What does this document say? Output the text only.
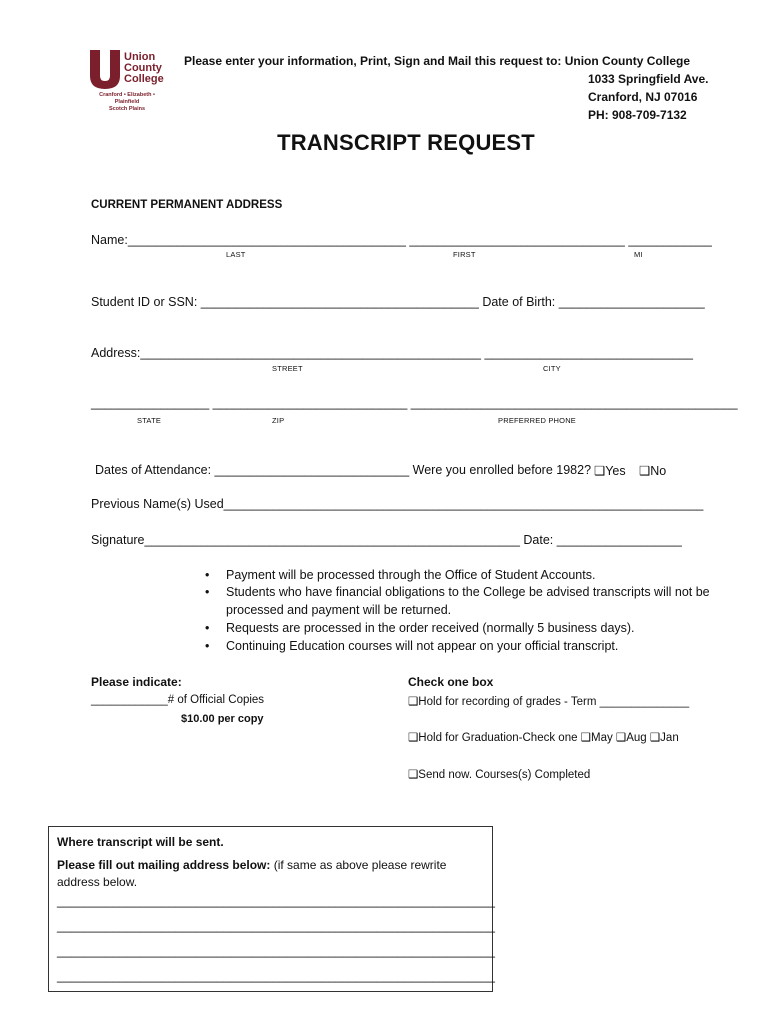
Union
County
College
Cranford • Elizabeth • Plainfield
Scotch Plains
Please enter your information, Print, Sign and Mail this request to: Union County College
1033 Springfield Ave.
Cranford, NJ 07016
PH: 908-709-7132
TRANSCRIPT REQUEST
CURRENT PERMANENT ADDRESS
Name:________________________________________ _______________________________ ____________
LAST	FIRST	MI
Student ID or SSN: ________________________________________ Date of Birth: _____________________
Address:_________________________________________________ ______________________________
STREET	CITY
_________________ ____________________________ _______________________________________________
STATE	ZIP	PREFERRED PHONE
Dates of Attendance: ____________________________ Were you enrolled before 1982? ❑Yes ❑No
Previous Name(s) Used_____________________________________________________________________
Signature______________________________________________________ Date: __________________
• Payment will be processed through the Office of Student Accounts.
• Students who have financial obligations to the College be advised transcripts will not be
processed and payment will be returned.
• Requests are processed in the order received (normally 5 business days).
• Continuing Education courses will not appear on your official transcript.
Please indicate:
____________# of Official Copies
$10.00 per copy
Check one box
❑Hold for recording of grades - Term ______________
❑Hold for Graduation-Check one ❑May ❑Aug ❑Jan
❑Send now. Courses(s) Completed
Where transcript will be sent.
Please fill out mailing address below: (if same as above please rewrite
address below.
_______________________________________________________________
_______________________________________________________________
_______________________________________________________________
_______________________________________________________________
